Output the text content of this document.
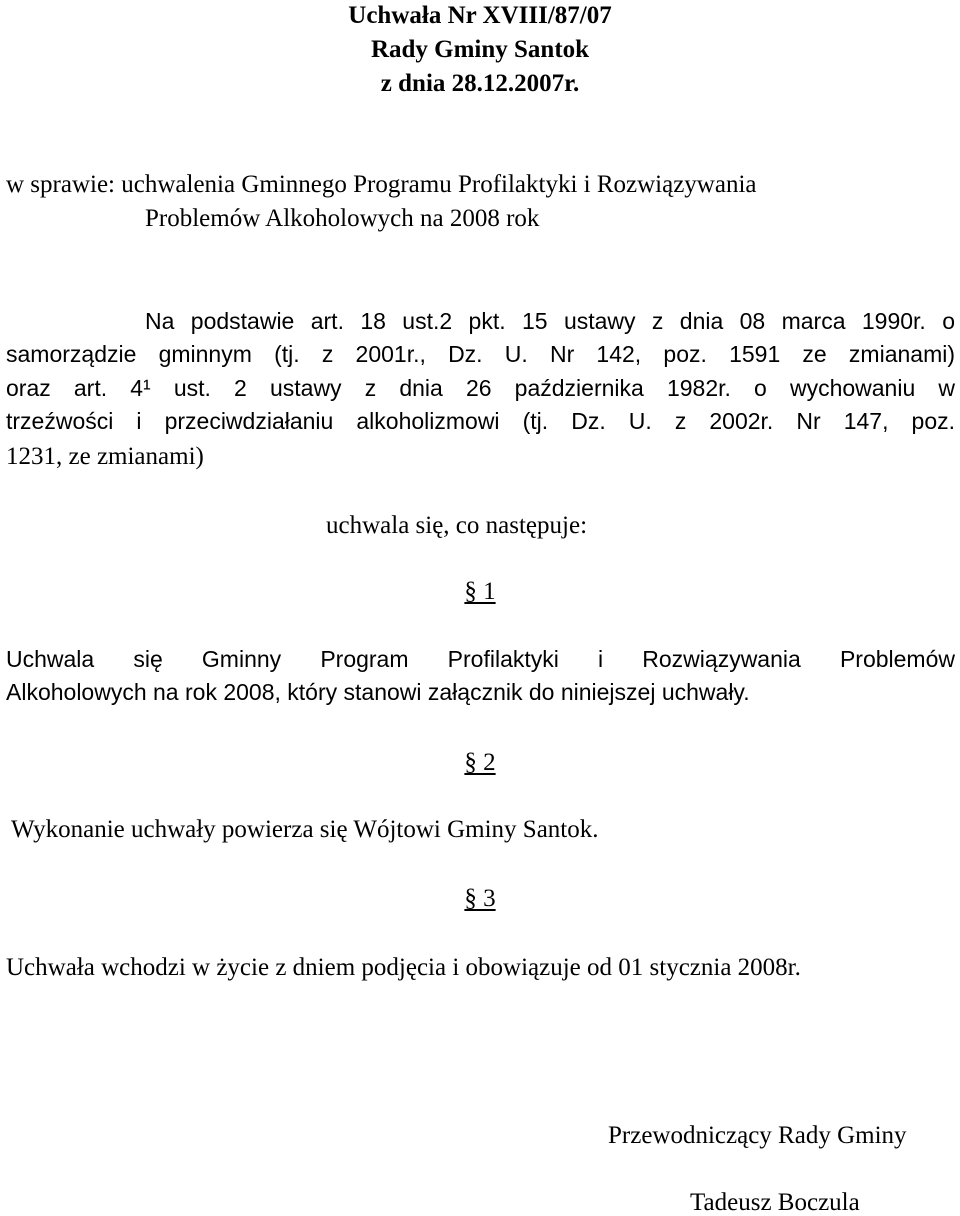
Uchwała Nr XVIII/87/07
Rady Gminy Santok
z dnia 28.12.2007r.
w sprawie: uchwalenia Gminnego Programu Profilaktyki i Rozwiązywania
Problemów Alkoholowych na 2008 rok
Na podstawie art. 18 ust.2 pkt. 15 ustawy z dnia 08 marca 1990r. o
samorządzie gminnym (tj. z 2001r., Dz. U. Nr 142, poz. 1591 ze zmianami)
oraz art. 4¹ ust. 2 ustawy z dnia 26 października 1982r. o wychowaniu w
trzeźwości i przeciwdziałaniu alkoholizmowi (tj. Dz. U. z 2002r. Nr 147, poz.
1231, ze zmianami)
uchwala się, co następuje:
§ 1
Uchwala się Gminny Program Profilaktyki i Rozwiązywania Problemów
Alkoholowych na rok 2008, który stanowi załącznik do niniejszej uchwały.
§ 2
Wykonanie uchwały powierza się Wójtowi Gminy Santok.
§ 3
Uchwała wchodzi w życie z dniem podjęcia i obowiązuje od 01 stycznia 2008r.
Przewodniczący Rady Gminy
Tadeusz Boczula
